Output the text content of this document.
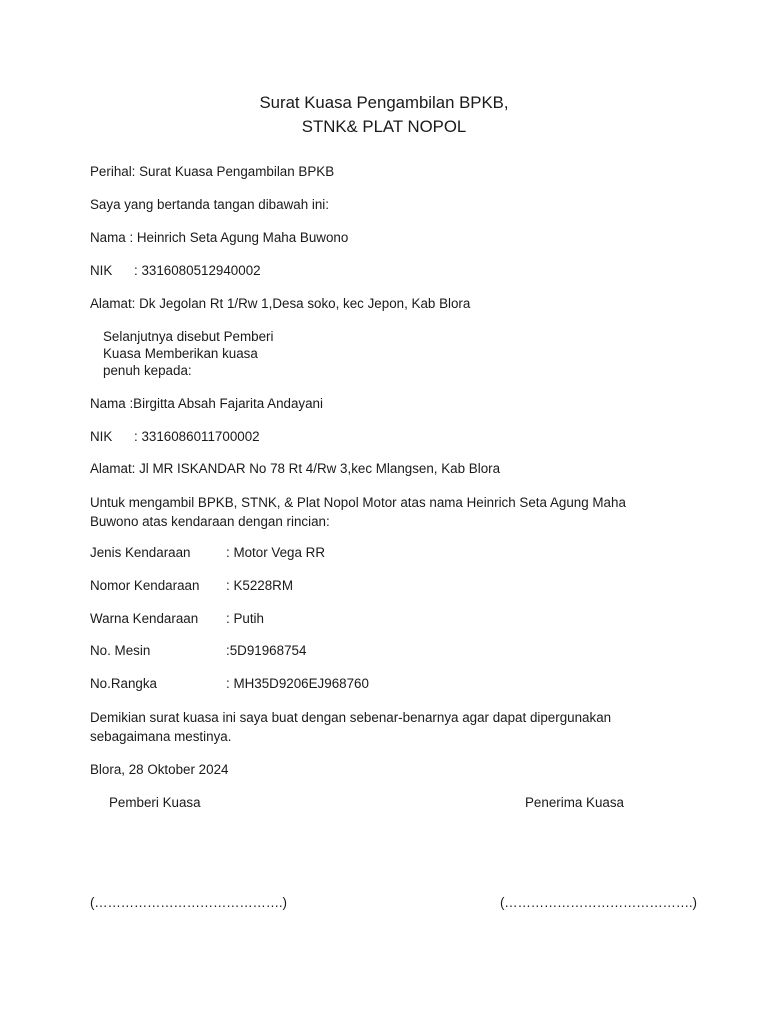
Surat Kuasa Pengambilan BPKB,
STNK& PLAT NOPOL
Perihal: Surat Kuasa Pengambilan BPKB
Saya yang bertanda tangan dibawah ini:
Nama : Heinrich Seta Agung Maha Buwono
NIK : 3316080512940002
Alamat: Dk Jegolan Rt 1/Rw 1,Desa soko, kec Jepon, Kab Blora
Selanjutnya disebut Pemberi
Kuasa Memberikan kuasa
penuh kepada:
Nama :Birgitta Absah Fajarita Andayani
NIK : 3316086011700002
Alamat: Jl MR ISKANDAR No 78 Rt 4/Rw 3,kec Mlangsen, Kab Blora
Untuk mengambil BPKB, STNK, & Plat Nopol Motor atas nama Heinrich Seta Agung Maha Buwono atas kendaraan dengan rincian:
Jenis Kendaraan	: Motor Vega RR
Nomor Kendaraan : K5228RM
Warna Kendaraan : Putih
No. Mesin	:5D91968754
No.Rangka	: MH35D9206EJ968760
Demikian surat kuasa ini saya buat dengan sebenar-benarnya agar dapat dipergunakan sebagaimana mestinya.
Blora, 28 Oktober 2024
Pemberi Kuasa	Penerima Kuasa
(…………………………………….)	(…………………………………….)
